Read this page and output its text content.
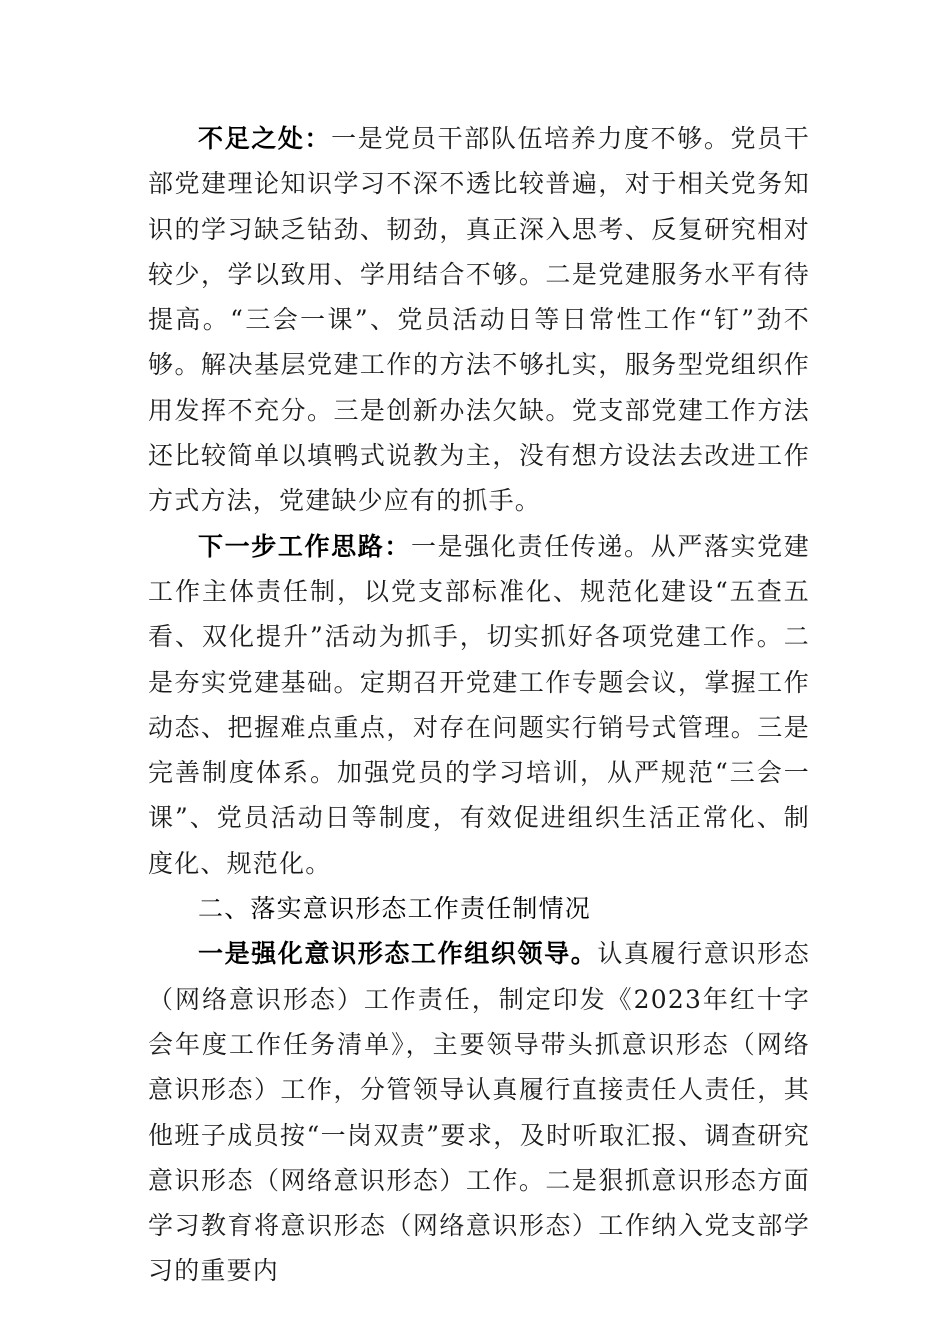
不足之处：一是党员干部队伍培养力度不够。党员干部党建理论知识学习不深不透比较普遍，对于相关党务知识的学习缺乏钻劲、韧劲，真正深入思考、反复研究相对较少，学以致用、学用结合不够。二是党建服务水平有待提高。“三会一课”、党员活动日等日常性工作“钉”劲不够。解决基层党建工作的方法不够扎实，服务型党组织作用发挥不充分。三是创新办法欠缺。党支部党建工作方法还比较简单以填鸭式说教为主，没有想方设法去改进工作方式方法，党建缺少应有的抓手。

下一步工作思路：一是强化责任传递。从严落实党建工作主体责任制，以党支部标准化、规范化建设“五查五看、双化提升”活动为抓手，切实抓好各项党建工作。二是夯实党建基础。定期召开党建工作专题会议，掌握工作动态、把握难点重点，对存在问题实行销号式管理。三是完善制度体系。加强党员的学习培训，从严规范“三会一课”、党员活动日等制度，有效促进组织生活正常化、制度化、规范化。

二、落实意识形态工作责任制情况

一是强化意识形态工作组织领导。认真履行意识形态（网络意识形态）工作责任，制定印发《2023年红十字会年度工作任务清单》，主要领导带头抓意识形态（网络意识形态）工作，分管领导认真履行直接责任人责任，其他班子成员按“一岗双责”要求，及时听取汇报、调查研究意识形态（网络意识形态）工作。二是狠抓意识形态方面学习教育将意识形态（网络意识形态）工作纳入党支部学习的重要内
